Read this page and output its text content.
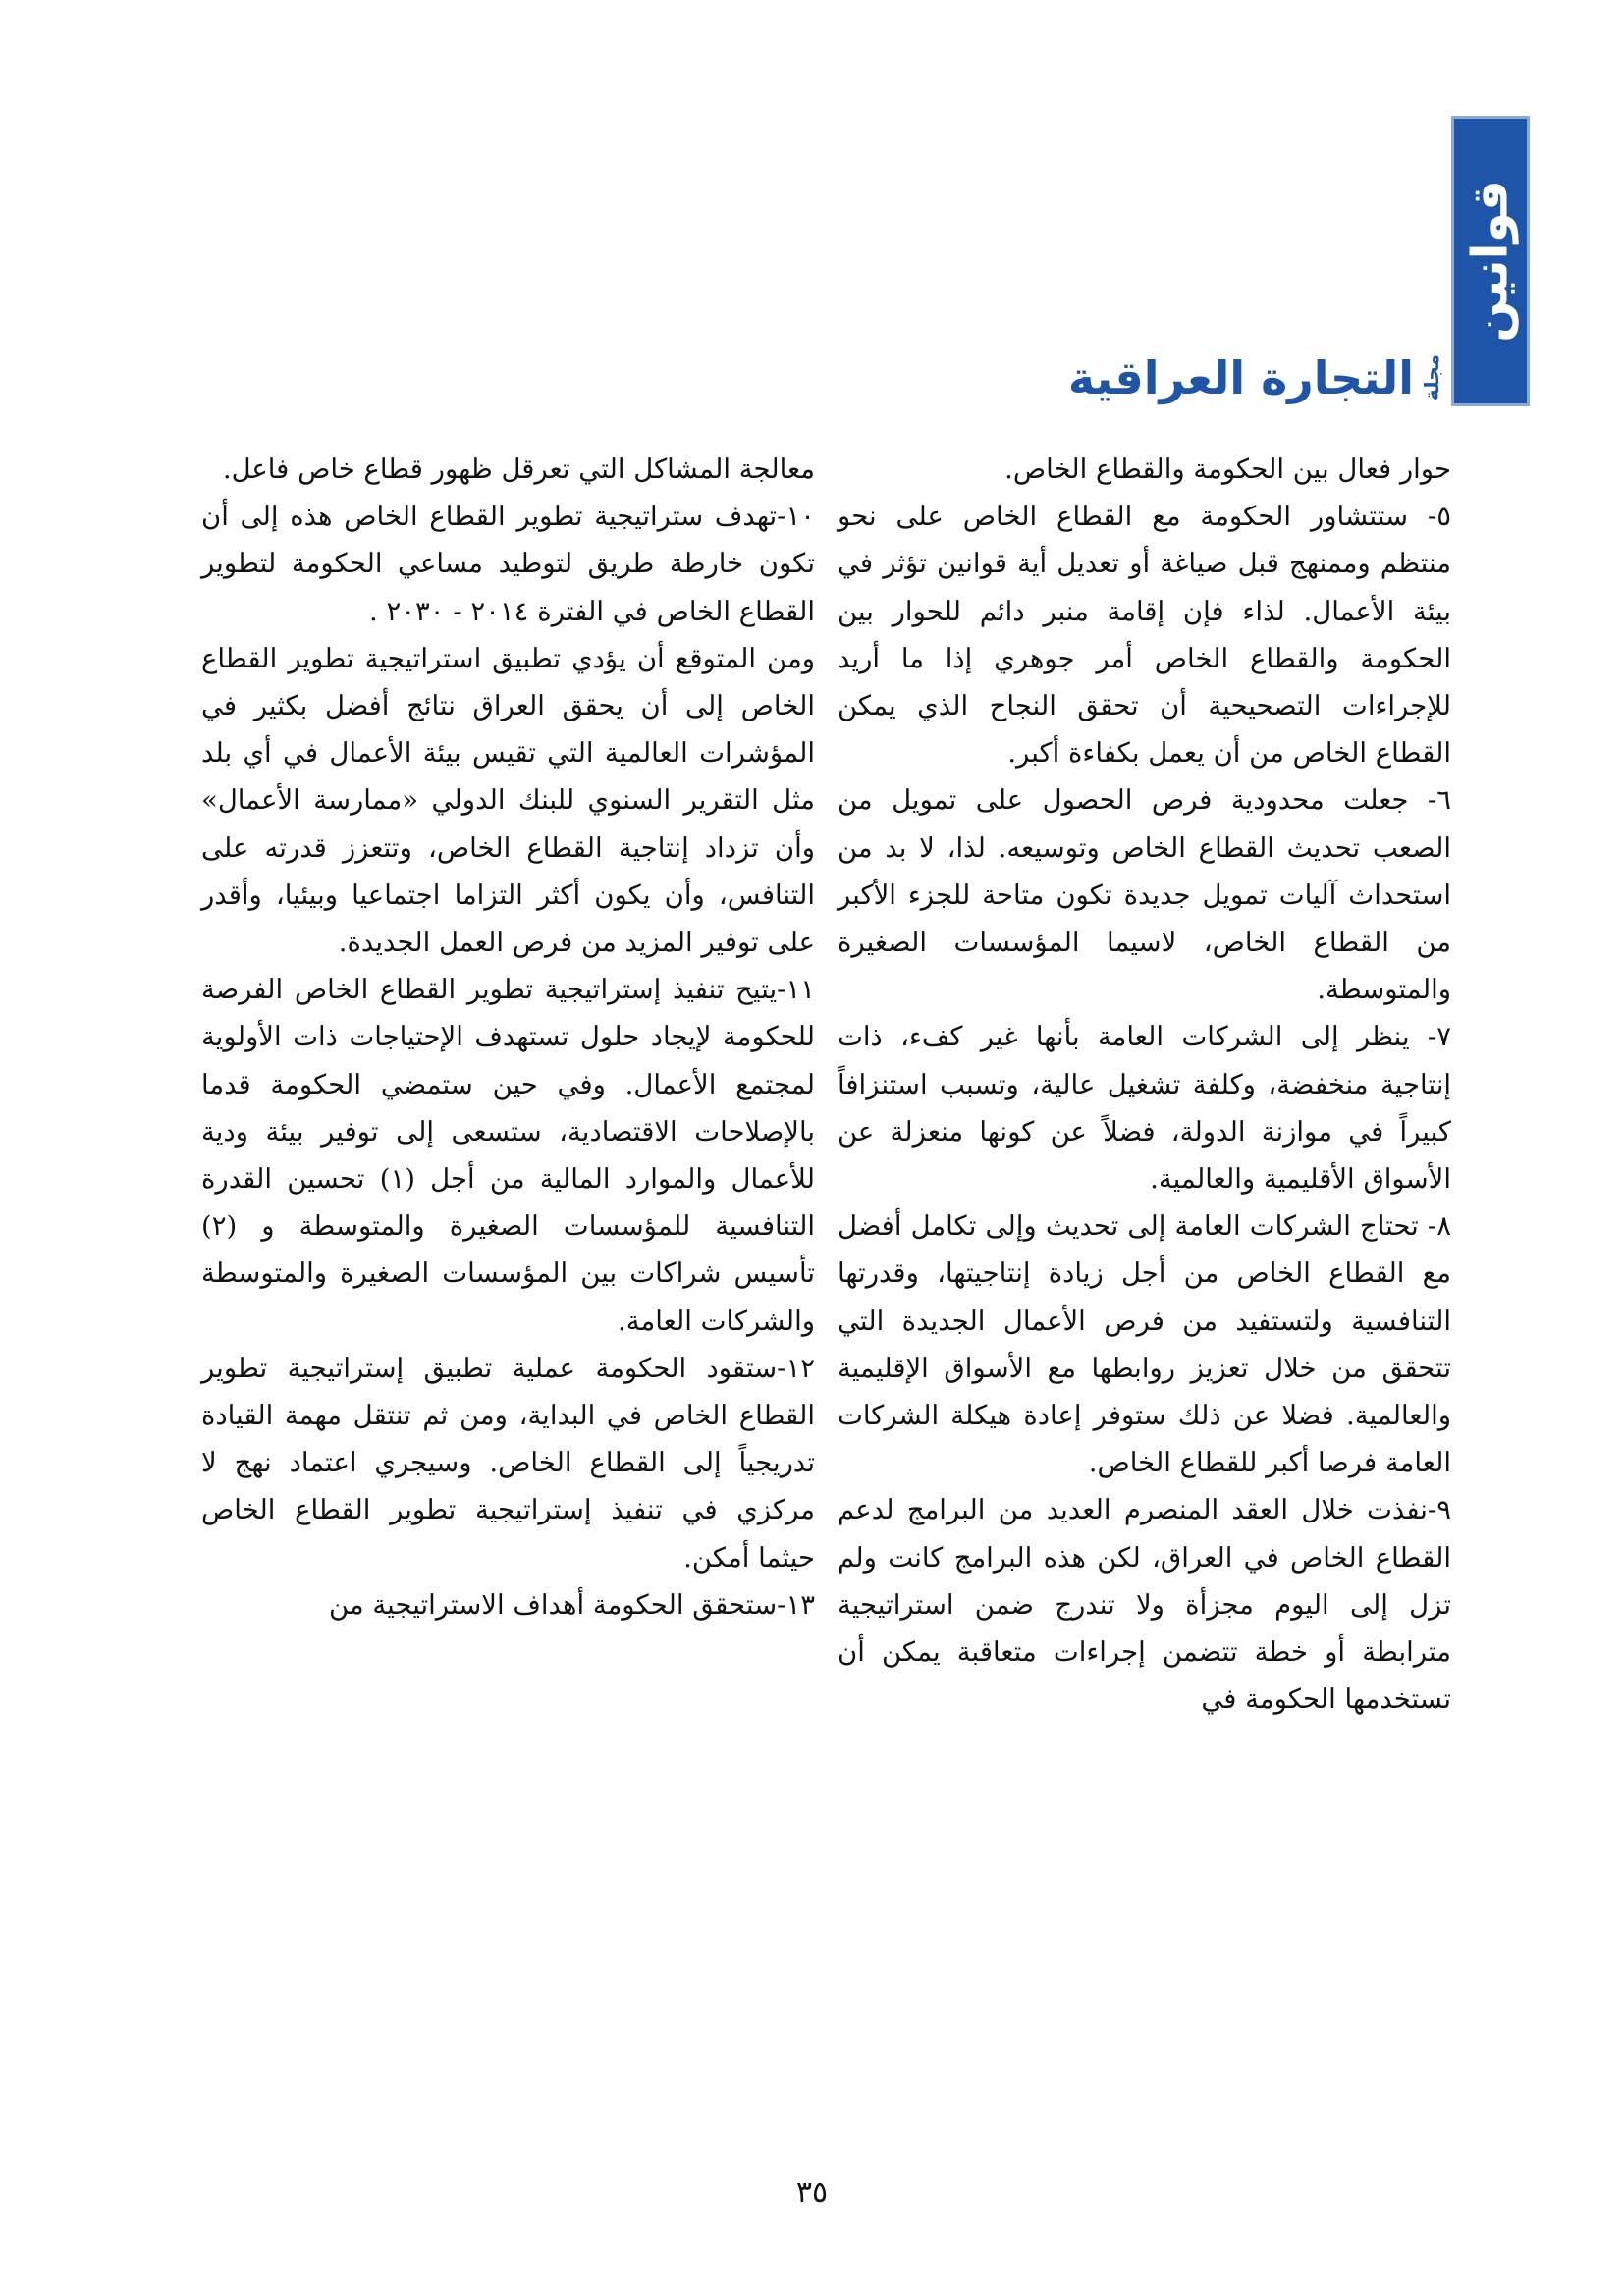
قوانين
مجلة
التجارة العراقية

حوار فعال بين الحكومة والقطاع الخاص.

٥- ستتشاور الحكومة مع القطاع الخاص على نحو منتظم وممنهج قبل صياغة أو تعديل أية قوانين تؤثر في بيئة الأعمال. لذاء فإن إقامة منبر دائم للحوار بين الحكومة والقطاع الخاص أمر جوهري إذا ما أريد للإجراءات التصحيحية أن تحقق النجاح الذي يمكن القطاع الخاص من أن يعمل بكفاءة أكبر.

٦- جعلت محدودية فرص الحصول على تمويل من الصعب تحديث القطاع الخاص وتوسيعه. لذا، لا بد من استحداث آليات تمويل جديدة تكون متاحة للجزء الأكبر من القطاع الخاص، لاسيما المؤسسات الصغيرة والمتوسطة.

٧- ينظر إلى الشركات العامة بأنها غير كفء، ذات إنتاجية منخفضة، وكلفة تشغيل عالية، وتسبب استنزافاً كبيراً في موازنة الدولة، فضلاً عن كونها منعزلة عن الأسواق الأقليمية والعالمية.

٨- تحتاج الشركات العامة إلى تحديث وإلى تكامل أفضل مع القطاع الخاص من أجل زيادة إنتاجيتها، وقدرتها التنافسية ولتستفيد من فرص الأعمال الجديدة التي تتحقق من خلال تعزيز روابطها مع الأسواق الإقليمية والعالمية. فضلا عن ذلك ستوفر إعادة هيكلة الشركات العامة فرصا أكبر للقطاع الخاص.

٩-نفذت خلال العقد المنصرم العديد من البرامج لدعم القطاع الخاص في العراق، لكن هذه البرامج كانت ولم تزل إلى اليوم مجزأة ولا تندرج ضمن استراتيجية مترابطة أو خطة تتضمن إجراءات متعاقبة يمكن أن تستخدمها الحكومة في

معالجة المشاكل التي تعرقل ظهور قطاع خاص فاعل.

١٠-تهدف ستراتيجية تطوير القطاع الخاص هذه إلى أن تكون خارطة طريق لتوطيد مساعي الحكومة لتطوير القطاع الخاص في الفترة ٢٠١٤ - ٢٠٣٠ .

ومن المتوقع أن يؤدي تطبيق استراتيجية تطوير القطاع الخاص إلى أن يحقق العراق نتائج أفضل بكثير في المؤشرات العالمية التي تقيس بيئة الأعمال في أي بلد مثل التقرير السنوي للبنك الدولي «ممارسة الأعمال» وأن تزداد إنتاجية القطاع الخاص، وتتعزز قدرته على التنافس، وأن يكون أكثر التزاما اجتماعيا وبيئيا، وأقدر على توفير المزيد من فرص العمل الجديدة.

١١-يتيح تنفيذ إستراتيجية تطوير القطاع الخاص الفرصة للحكومة لإيجاد حلول تستهدف الإحتياجات ذات الأولوية لمجتمع الأعمال. وفي حين ستمضي الحكومة قدما بالإصلاحات الاقتصادية، ستسعى إلى توفير بيئة ودية للأعمال والموارد المالية من أجل (١) تحسين القدرة التنافسية للمؤسسات الصغيرة والمتوسطة و (٢) تأسيس شراكات بين المؤسسات الصغيرة والمتوسطة والشركات العامة.

١٢-ستقود الحكومة عملية تطبيق إستراتيجية تطوير القطاع الخاص في البداية، ومن ثم تنتقل مهمة القيادة تدريجياً إلى القطاع الخاص. وسيجري اعتماد نهج لا مركزي في تنفيذ إستراتيجية تطوير القطاع الخاص حيثما أمكن.

١٣-ستحقق الحكومة أهداف الاستراتيجية من

٣٥
